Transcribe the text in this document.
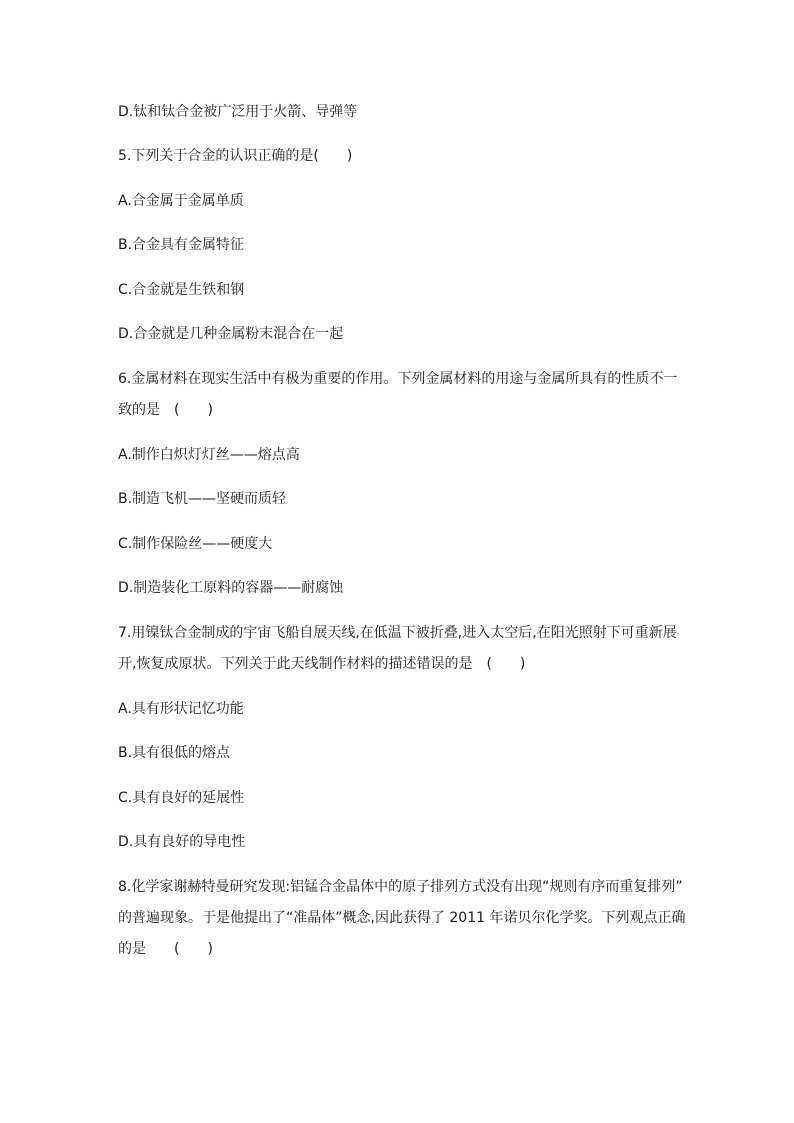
D.钛和钛合金被广泛用于火箭、导弹等
5.下列关于合金的认识正确的是(　　)
A.合金属于金属单质
B.合金具有金属特征
C.合金就是生铁和钢
D.合金就是几种金属粉末混合在一起
6.金属材料在现实生活中有极为重要的作用。下列金属材料的用途与金属所具有的性质不一
致的是　(　　)
A.制作白炽灯灯丝——熔点高
B.制造飞机——坚硬而质轻
C.制作保险丝——硬度大
D.制造装化工原料的容器——耐腐蚀
7.用镍钛合金制成的宇宙飞船自展天线,在低温下被折叠,进入太空后,在阳光照射下可重新展
开,恢复成原状。下列关于此天线制作材料的描述错误的是　(　　)
A.具有形状记忆功能
B.具有很低的熔点
C.具有良好的延展性
D.具有良好的导电性
8.化学家谢赫特曼研究发现:铝锰合金晶体中的原子排列方式没有出现“规则有序而重复排列”
的普遍现象。于是他提出了“准晶体”概念,因此获得了 2011 年诺贝尔化学奖。下列观点正确
的是　　(　　)
